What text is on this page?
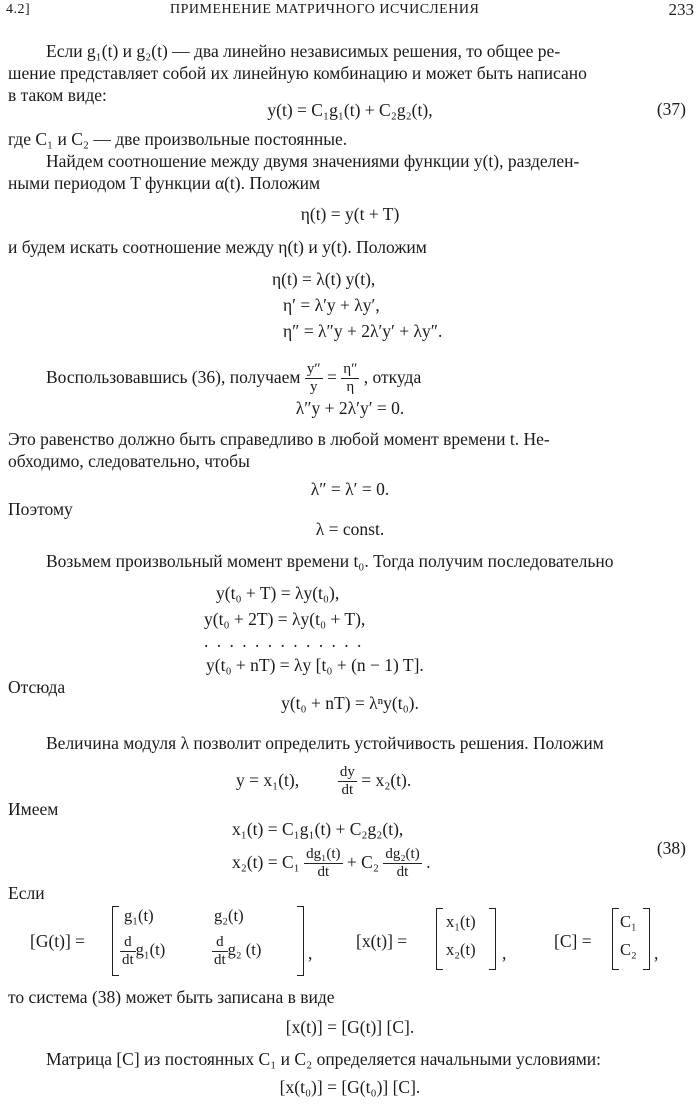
4.2]	ПРИМЕНЕНИЕ МАТРИЧНОГО ИСЧИСЛЕНИЯ	233
Если g₁(t) и g₂(t) — два линейно независимых решения, то общее ре-
шение представляет собой их линейную комбинацию и может быть написано
в таком виде:
y(t) = C₁g₁(t) + C₂g₂(t),	(37)
где C₁ и C₂ — две произвольные постоянные.
Найдем соотношение между двумя значениями функции y(t), разделен-
ными периодом T функции α(t). Положим
η(t) = y(t + T)
и будем искать соотношение между η(t) и y(t). Положим
η(t) = λ(t) y(t),
η′ = λ′y + λy′,
η″ = λ″y + 2λ′y′ + λy″.
Воспользовавшись (36), получаем $\frac{y''}{y} = \frac{\eta''}{\eta}$ , откуда
λ″y + 2λ′y′ = 0.
Это равенство должно быть справедливо в любой момент времени t. Не-
обходимо, следовательно, чтобы
λ″ = λ′ = 0.
Поэтому
λ = const.
Возьмем произвольный момент времени t₀. Тогда получим последовательно
y(t₀ + T) = λy(t₀),
y(t₀ + 2T) = λy(t₀ + T),
. . . . . . . . . . . . .
y(t₀ + nT) = λy [t₀ + (n − 1) T].
Отсюда
y(t₀ + nT) = λⁿy(t₀).
Величина модуля λ позволит определить устойчивость решения. Положим
y = x₁(t),	$\frac{dy}{dt} = x_2(t)$.
Имеем
x₁(t) = C₁g₁(t) + C₂g₂(t),
$x_2(t) = C_1 \frac{\text{dg₁(t)}}{dt} + C_2 \frac{\text{dg₂(t)}}{dt}$ .
(38)
Если
[G(t)] =
g₁(t)	g₂(t)
$\frac{d}{dt} g_1(t)$	$\frac{d}{dt} g_2$ (t)	,
[x(t)] =
x₁(t)
x₂(t) ,
[C] =
C₁
C₂ ,
то система (38) может быть записана в виде
[x(t)] = [G(t)] [C].
Матрица [C] из постоянных C₁ и C₂ определяется начальными условиями:
[x(t₀)] = [G(t₀)] [C].
